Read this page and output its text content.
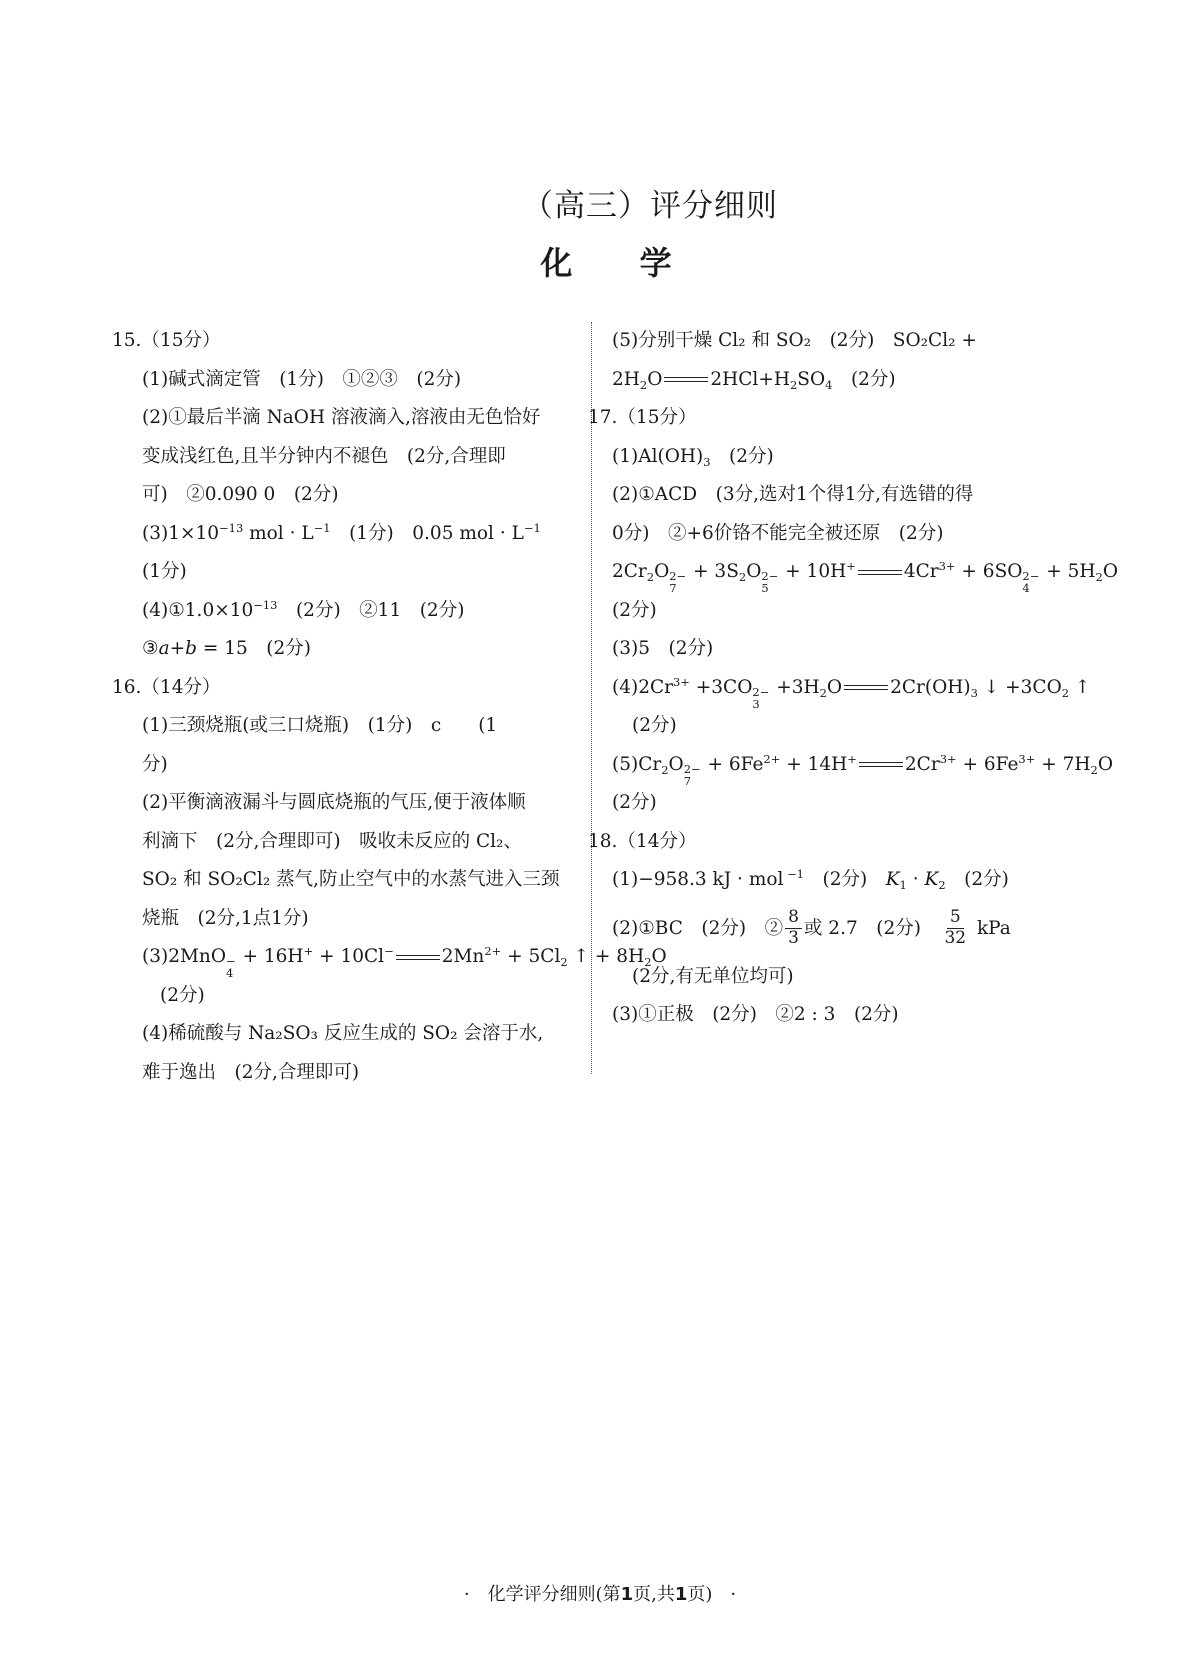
（高三）评分细则
化 学
15.（15分）
(1)碱式滴定管　(1分)　①②③　(2分)
(2)①最后半滴 NaOH 溶液滴入,溶液由无色恰好
变成浅红色,且半分钟内不褪色　(2分,合理即
可)　②0.090 0　(2分)
$(3)1\times 10^{-13}$ mol · $L^{-1}$　(1分)　0.05 mol · $L^{-1}$
(1分)
$(4)①1.0\times 10^{-13}$　(2分)　②11　(2分)
③a+b = 15　(2分)
16.（14分）
(1)三颈烧瓶(或三口烧瓶)　(1分)　c　　(1
分)
(2)平衡滴液漏斗与圆底烧瓶的气压,便于液体顺
利滴下　(2分,合理即可)　吸收未反应的 Cl₂、
SO₂ 和 SO₂Cl₂ 蒸气,防止空气中的水蒸气进入三颈
烧瓶　(2分,1点1分)
(3)2MnO −
4
+ 16H+ + 10Cl−	$2Mn^{2+} + 5Cl_2$ ↑ + $8H_2O$
(2分)
(4)稀硫酸与 Na₂SO₃ 反应生成的 SO₂ 会溶于水,
难于逸出　(2分,合理即可)
(5)分别干燥 Cl₂ 和 SO₂　(2分)　SO₂Cl₂ +
$2H_2O$	$2HCl+H_2SO_4$　(2分)
17.（15分）
$(1)Al(OH)_3$　(2分)
(2)①ACD　(3分,选对1个得1分,有选错的得
0分)　②+6价铬不能完全被还原　(2分)
$2Cr_2O$ 2−
7
+ $3S_2O$ 2−
5
+ 10H+	$4Cr^{3+} + 6SO$ 2−
4
+ $5H_2O$
(2分)
(3)5　(2分)
$(4)2Cr^{3+} +3CO$ 2−
3
$+3H_2O$	$2Cr(OH)_3$ ↓ $+3CO_2$ ↑
(2分)
$(5)Cr_2O$ 2−
7
+ $6Fe^{2+} + 14H^+$	$2Cr^{3+} + 6Fe^{3+} + 7H_2O$
(2分)
18.（14分）
(1)−958.3 kJ · mol $^{-1}$　(2分)　$K_1 \cdot K_2$　(2分)
(2)①BC　(2分)　② $\frac{8}{3}$ 或 2.7　(2分)　 $\frac{5}{32}$ kPa
(2分,有无单位均可)
(3)①正极　(2分)　②2 : 3　(2分)
·　化学评分细则(第1页,共1页)　·
